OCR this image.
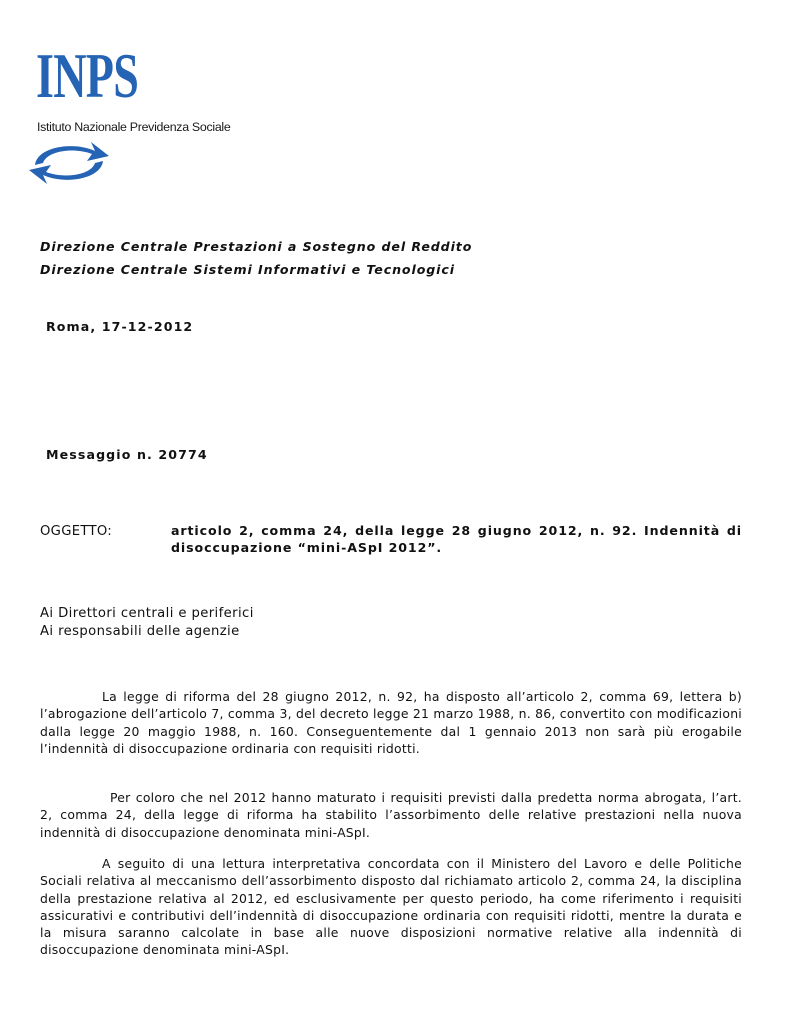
INPS
Istituto Nazionale Previdenza Sociale
Direzione Centrale Prestazioni a Sostegno del Reddito
Direzione Centrale Sistemi Informativi e Tecnologici
Roma, 17-12-2012
Messaggio n. 20774
OGGETTO:	articolo 2, comma 24, della legge 28 giugno 2012, n. 92. Indennità di disoccupazione “mini-ASpI 2012”.
Ai Direttori centrali e periferici
Ai responsabili delle agenzie

La legge di riforma del 28 giugno 2012, n. 92, ha disposto all’articolo 2, comma 69, lettera b) l’abrogazione dell’articolo 7, comma 3, del decreto legge 21 marzo 1988, n. 86, convertito con modificazioni dalla legge 20 maggio 1988, n. 160. Conseguentemente dal 1 gennaio 2013 non sarà più erogabile l’indennità di disoccupazione ordinaria con requisiti ridotti.

Per coloro che nel 2012 hanno maturato i requisiti previsti dalla predetta norma abrogata, l’art. 2, comma 24, della legge di riforma ha stabilito l’assorbimento delle relative prestazioni nella nuova indennità di disoccupazione denominata mini-ASpI.

A seguito di una lettura interpretativa concordata con il Ministero del Lavoro e delle Politiche Sociali relativa al meccanismo dell’assorbimento disposto dal richiamato articolo 2, comma 24, la disciplina della prestazione relativa al 2012, ed esclusivamente per questo periodo, ha come riferimento i requisiti assicurativi e contributivi dell’indennità di disoccupazione ordinaria con requisiti ridotti, mentre la durata e la misura saranno calcolate in base alle nuove disposizioni normative relative alla indennità di disoccupazione denominata mini-ASpI.
